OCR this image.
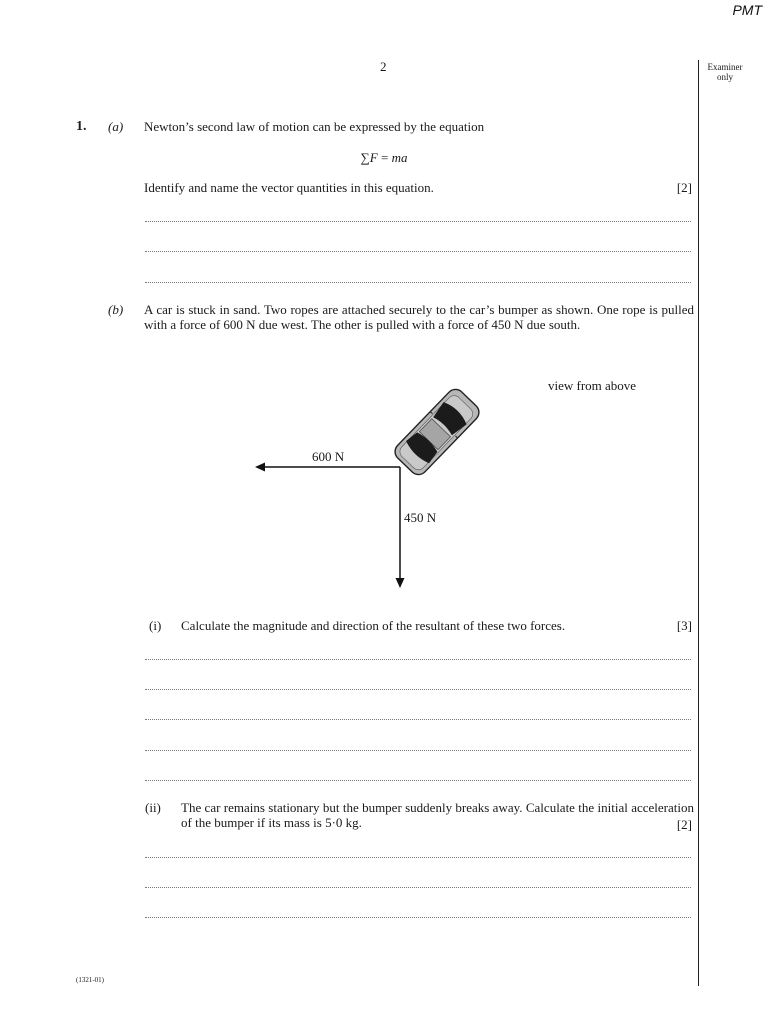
PMT
2	Examiner
only
1. (a) Newton’s second law of motion can be expressed by the equation
∑F = ma
Identify and name the vector quantities in this equation.	[2]
(b) A car is stuck in sand. Two ropes are attached securely to the car’s bumper as shown. One rope is pulled with a force of 600 N due west. The other is pulled with a force of 450 N due south.
view from above
600 N
450 N
(i) Calculate the magnitude and direction of the resultant of these two forces.	[3]
(ii) The car remains stationary but the bumper suddenly breaks away. Calculate the initial acceleration of the bumper if its mass is 5·0 kg.	[2]
(1321-01)
